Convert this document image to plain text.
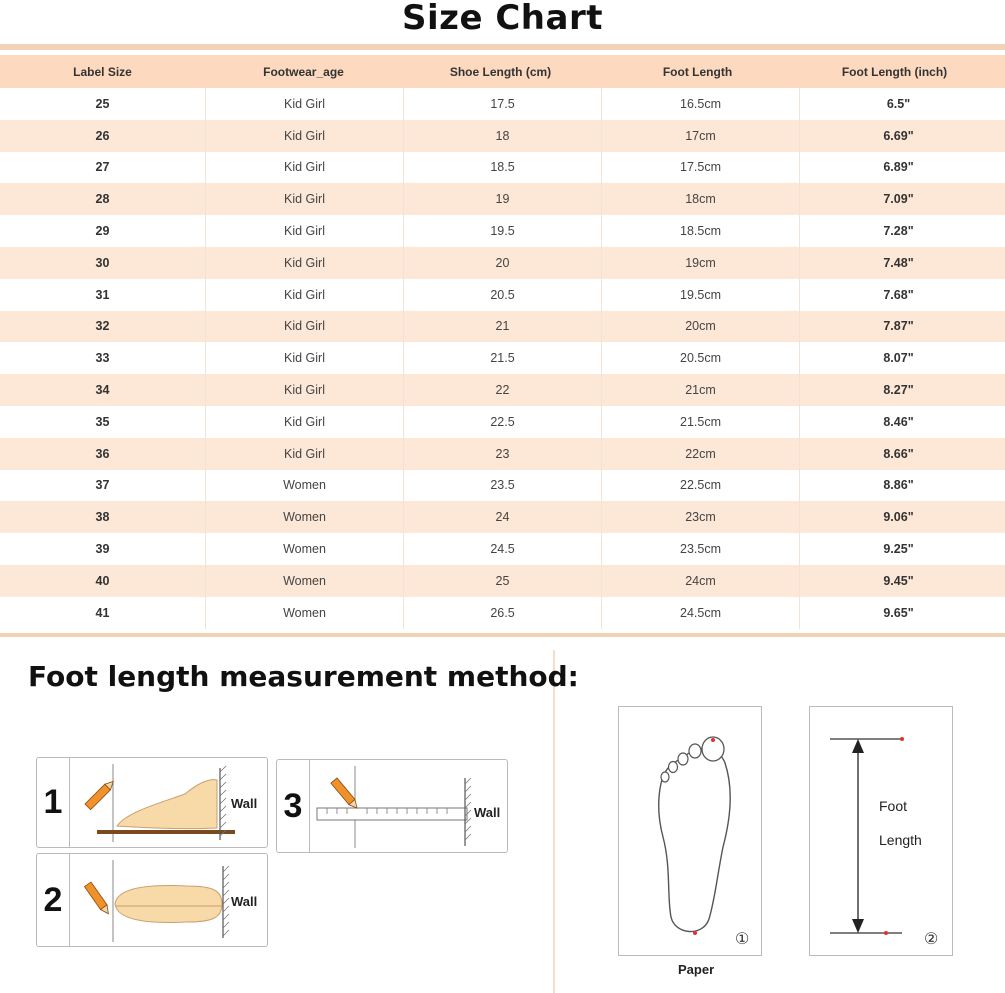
Size Chart
Label Size	Footwear_age	Shoe Length (cm)	Foot Length	Foot Length (inch)
25	Kid Girl	17.5	16.5cm	6.5"
26	Kid Girl	18	17cm	6.69"
27	Kid Girl	18.5	17.5cm	6.89"
28	Kid Girl	19	18cm	7.09"
29	Kid Girl	19.5	18.5cm	7.28"
30	Kid Girl	20	19cm	7.48"
31	Kid Girl	20.5	19.5cm	7.68"
32	Kid Girl	21	20cm	7.87"
33	Kid Girl	21.5	20.5cm	8.07"
34	Kid Girl	22	21cm	8.27"
35	Kid Girl	22.5	21.5cm	8.46"
36	Kid Girl	23	22cm	8.66"
37	Women	23.5	22.5cm	8.86"
38	Women	24	23cm	9.06"
39	Women	24.5	23.5cm	9.25"
40	Women	25	24cm	9.45"
41	Women	26.5	24.5cm	9.65"
Foot length measurement method:
1	Wall 3	Wall
2	Wall
①
Paper
Foot
Length
②
